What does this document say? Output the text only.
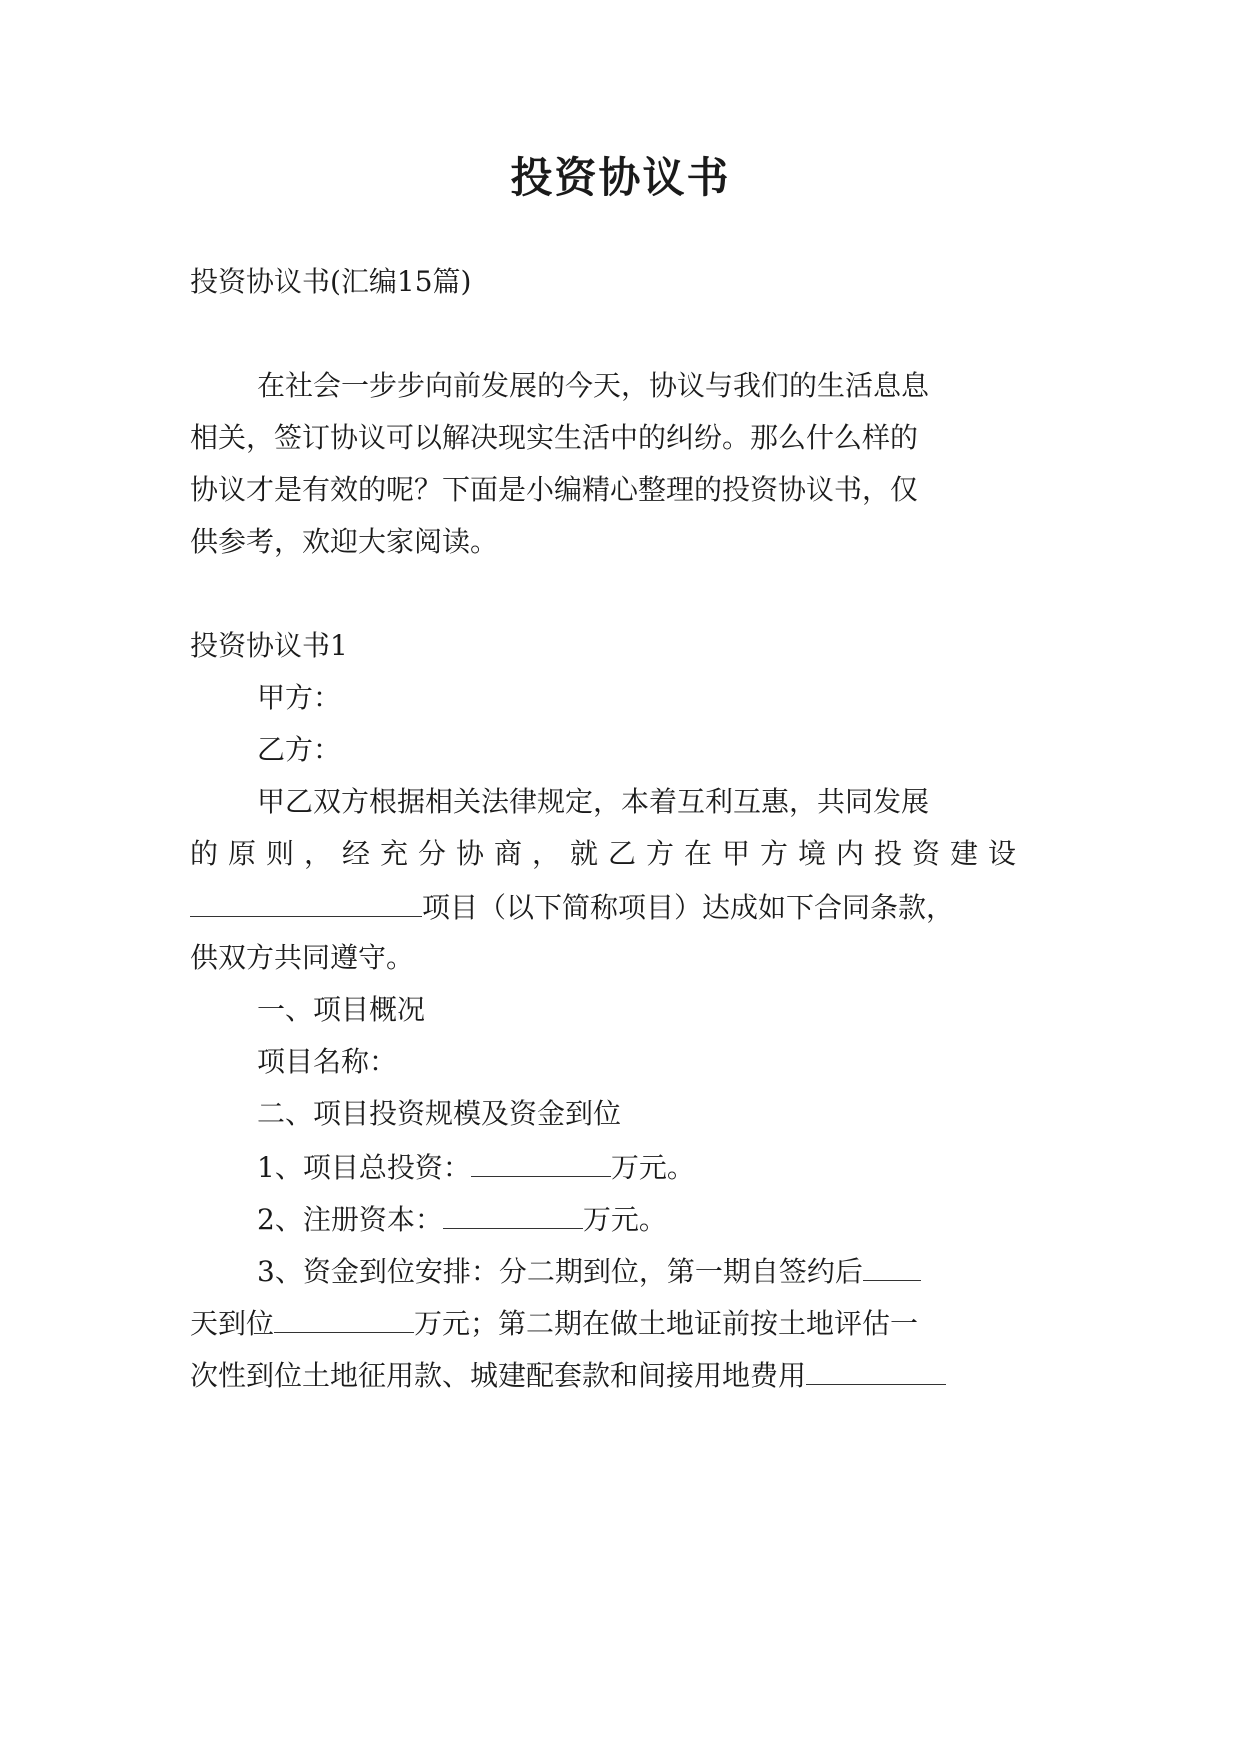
投资协议书
投资协议书(汇编15篇)
在社会一步步向前发展的今天，协议与我们的生活息息
相关，签订协议可以解决现实生活中的纠纷。那么什么样的
协议才是有效的呢？下面是小编精心整理的投资协议书，仅
供参考，欢迎大家阅读。
投资协议书1
甲方：
乙方：
甲乙双方根据相关法律规定，本着互利互惠，共同发展
的原则，经充分协商，就乙方在甲方境内投资建设
项目（以下简称项目）达成如下合同条款，
供双方共同遵守。
一、项目概况
项目名称：
二、项目投资规模及资金到位
1、项目总投资：	万元。
2、注册资本：	万元。
3、资金到位安排：分二期到位，第一期自签约后
天到位	万元；第二期在做土地证前按土地评估一
次性到位土地征用款、城建配套款和间接用地费用
